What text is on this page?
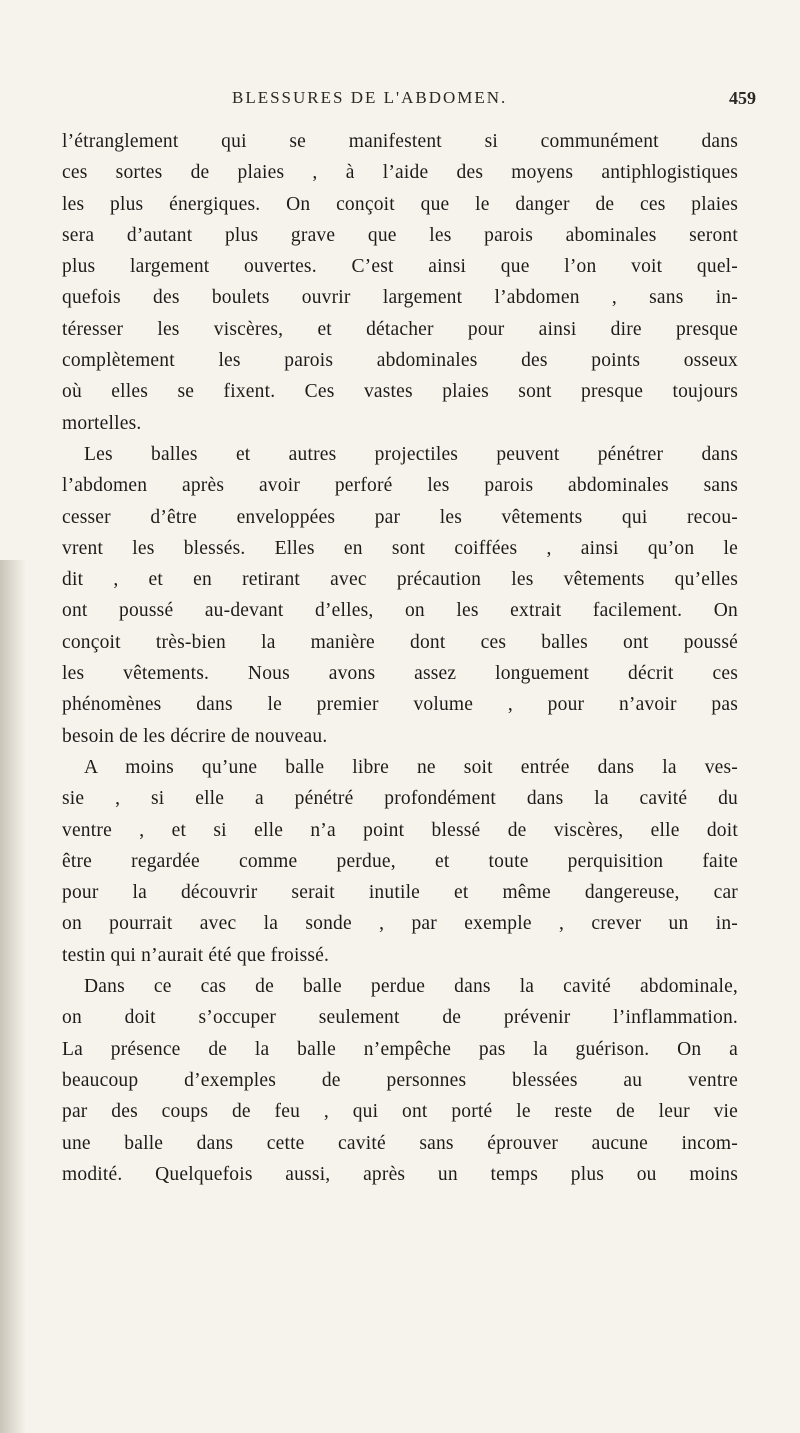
BLESSURES DE L'ABDOMEN.	459
l’étranglement qui se manifestent si communément dans
ces sortes de plaies , à l’aide des moyens antiphlogistiques
les plus énergiques. On conçoit que le danger de ces plaies
sera d’autant plus grave que les parois abominales seront
plus largement ouvertes. C’est ainsi que l’on voit quel-
quefois des boulets ouvrir largement l’abdomen , sans in-
téresser les viscères, et détacher pour ainsi dire presque
complètement les parois abdominales des points osseux
où elles se fixent. Ces vastes plaies sont presque toujours
mortelles.
Les balles et autres projectiles peuvent pénétrer dans
l’abdomen après avoir perforé les parois abdominales sans
cesser d’être enveloppées par les vêtements qui recou-
vrent les blessés. Elles en sont coiffées , ainsi qu’on le
dit , et en retirant avec précaution les vêtements qu’elles
ont poussé au-devant d’elles, on les extrait facilement. On
conçoit très-bien la manière dont ces balles ont poussé
les vêtements. Nous avons assez longuement décrit ces
phénomènes dans le premier volume , pour n’avoir pas
besoin de les décrire de nouveau.
A moins qu’une balle libre ne soit entrée dans la ves-
sie , si elle a pénétré profondément dans la cavité du
ventre , et si elle n’a point blessé de viscères, elle doit
être regardée comme perdue, et toute perquisition faite
pour la découvrir serait inutile et même dangereuse, car
on pourrait avec la sonde , par exemple , crever un in-
testin qui n’aurait été que froissé.
Dans ce cas de balle perdue dans la cavité abdominale,
on doit s’occuper seulement de prévenir l’inflammation.
La présence de la balle n’empêche pas la guérison. On a
beaucoup d’exemples de personnes blessées au ventre
par des coups de feu , qui ont porté le reste de leur vie
une balle dans cette cavité sans éprouver aucune incom-
modité. Quelquefois aussi, après un temps plus ou moins
